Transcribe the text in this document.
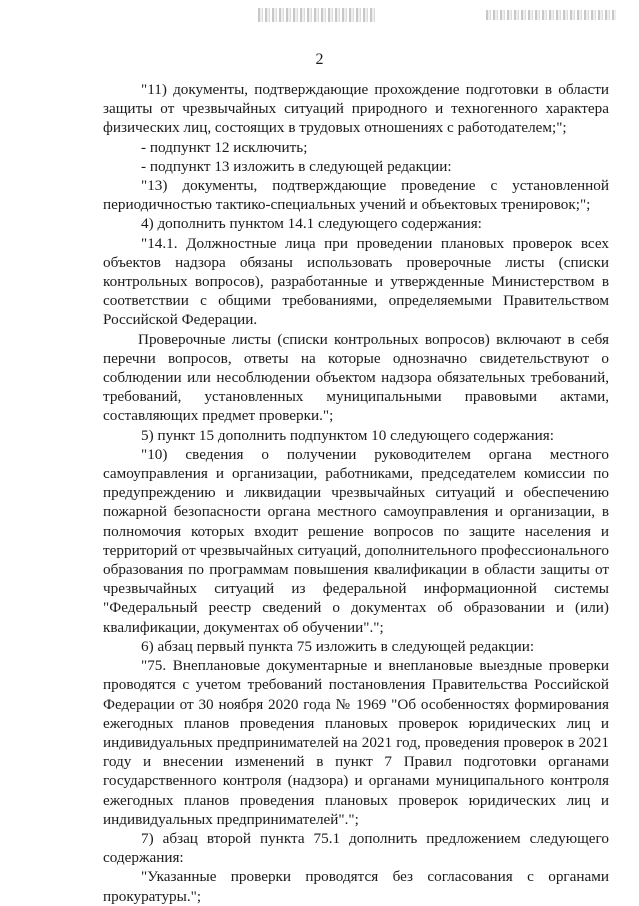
2

"11) документы, подтверждающие прохождение подготовки в области защиты от чрезвычайных ситуаций природного и техногенного характера физических лиц, состоящих в трудовых отношениях с работодателем;";

- подпункт 12 исключить;

- подпункт 13 изложить в следующей редакции:

"13) документы, подтверждающие проведение с установленной периодичностью тактико-специальных учений и объектовых тренировок;";

4) дополнить пунктом 14.1 следующего содержания:

"14.1. Должностные лица при проведении плановых проверок всех объектов надзора обязаны использовать проверочные листы (списки контрольных вопросов), разработанные и утвержденные Министерством в соответствии с общими требованиями, определяемыми Правительством Российской Федерации.

Проверочные листы (списки контрольных вопросов) включают в себя перечни вопросов, ответы на которые однозначно свидетельствуют о соблюдении или несоблюдении объектом надзора обязательных требований, требований, установленных муниципальными правовыми актами, составляющих предмет проверки.";

5) пункт 15 дополнить подпунктом 10 следующего содержания:

"10) сведения о получении руководителем органа местного самоуправления и организации, работниками, председателем комиссии по предупреждению и ликвидации чрезвычайных ситуаций и обеспечению пожарной безопасности органа местного самоуправления и организации, в полномочия которых входит решение вопросов по защите населения и территорий от чрезвычайных ситуаций, дополнительного профессионального образования по программам повышения квалификации в области защиты от чрезвычайных ситуаций из федеральной информационной системы "Федеральный реестр сведений о документах об образовании и (или) квалификации, документах об обучении".";

6) абзац первый пункта 75 изложить в следующей редакции:

"75. Внеплановые документарные и внеплановые выездные проверки проводятся с учетом требований постановления Правительства Российской Федерации от 30 ноября 2020 года № 1969 "Об особенностях формирования ежегодных планов проведения плановых проверок юридических лиц и индивидуальных предпринимателей на 2021 год, проведения проверок в 2021 году и внесении изменений в пункт 7 Правил подготовки органами государственного контроля (надзора) и органами муниципального контроля ежегодных планов проведения плановых проверок юридических лиц и индивидуальных предпринимателей".";

7) абзац второй пункта 75.1 дополнить предложением следующего содержания:

"Указанные проверки проводятся без согласования с органами прокуратуры.";
